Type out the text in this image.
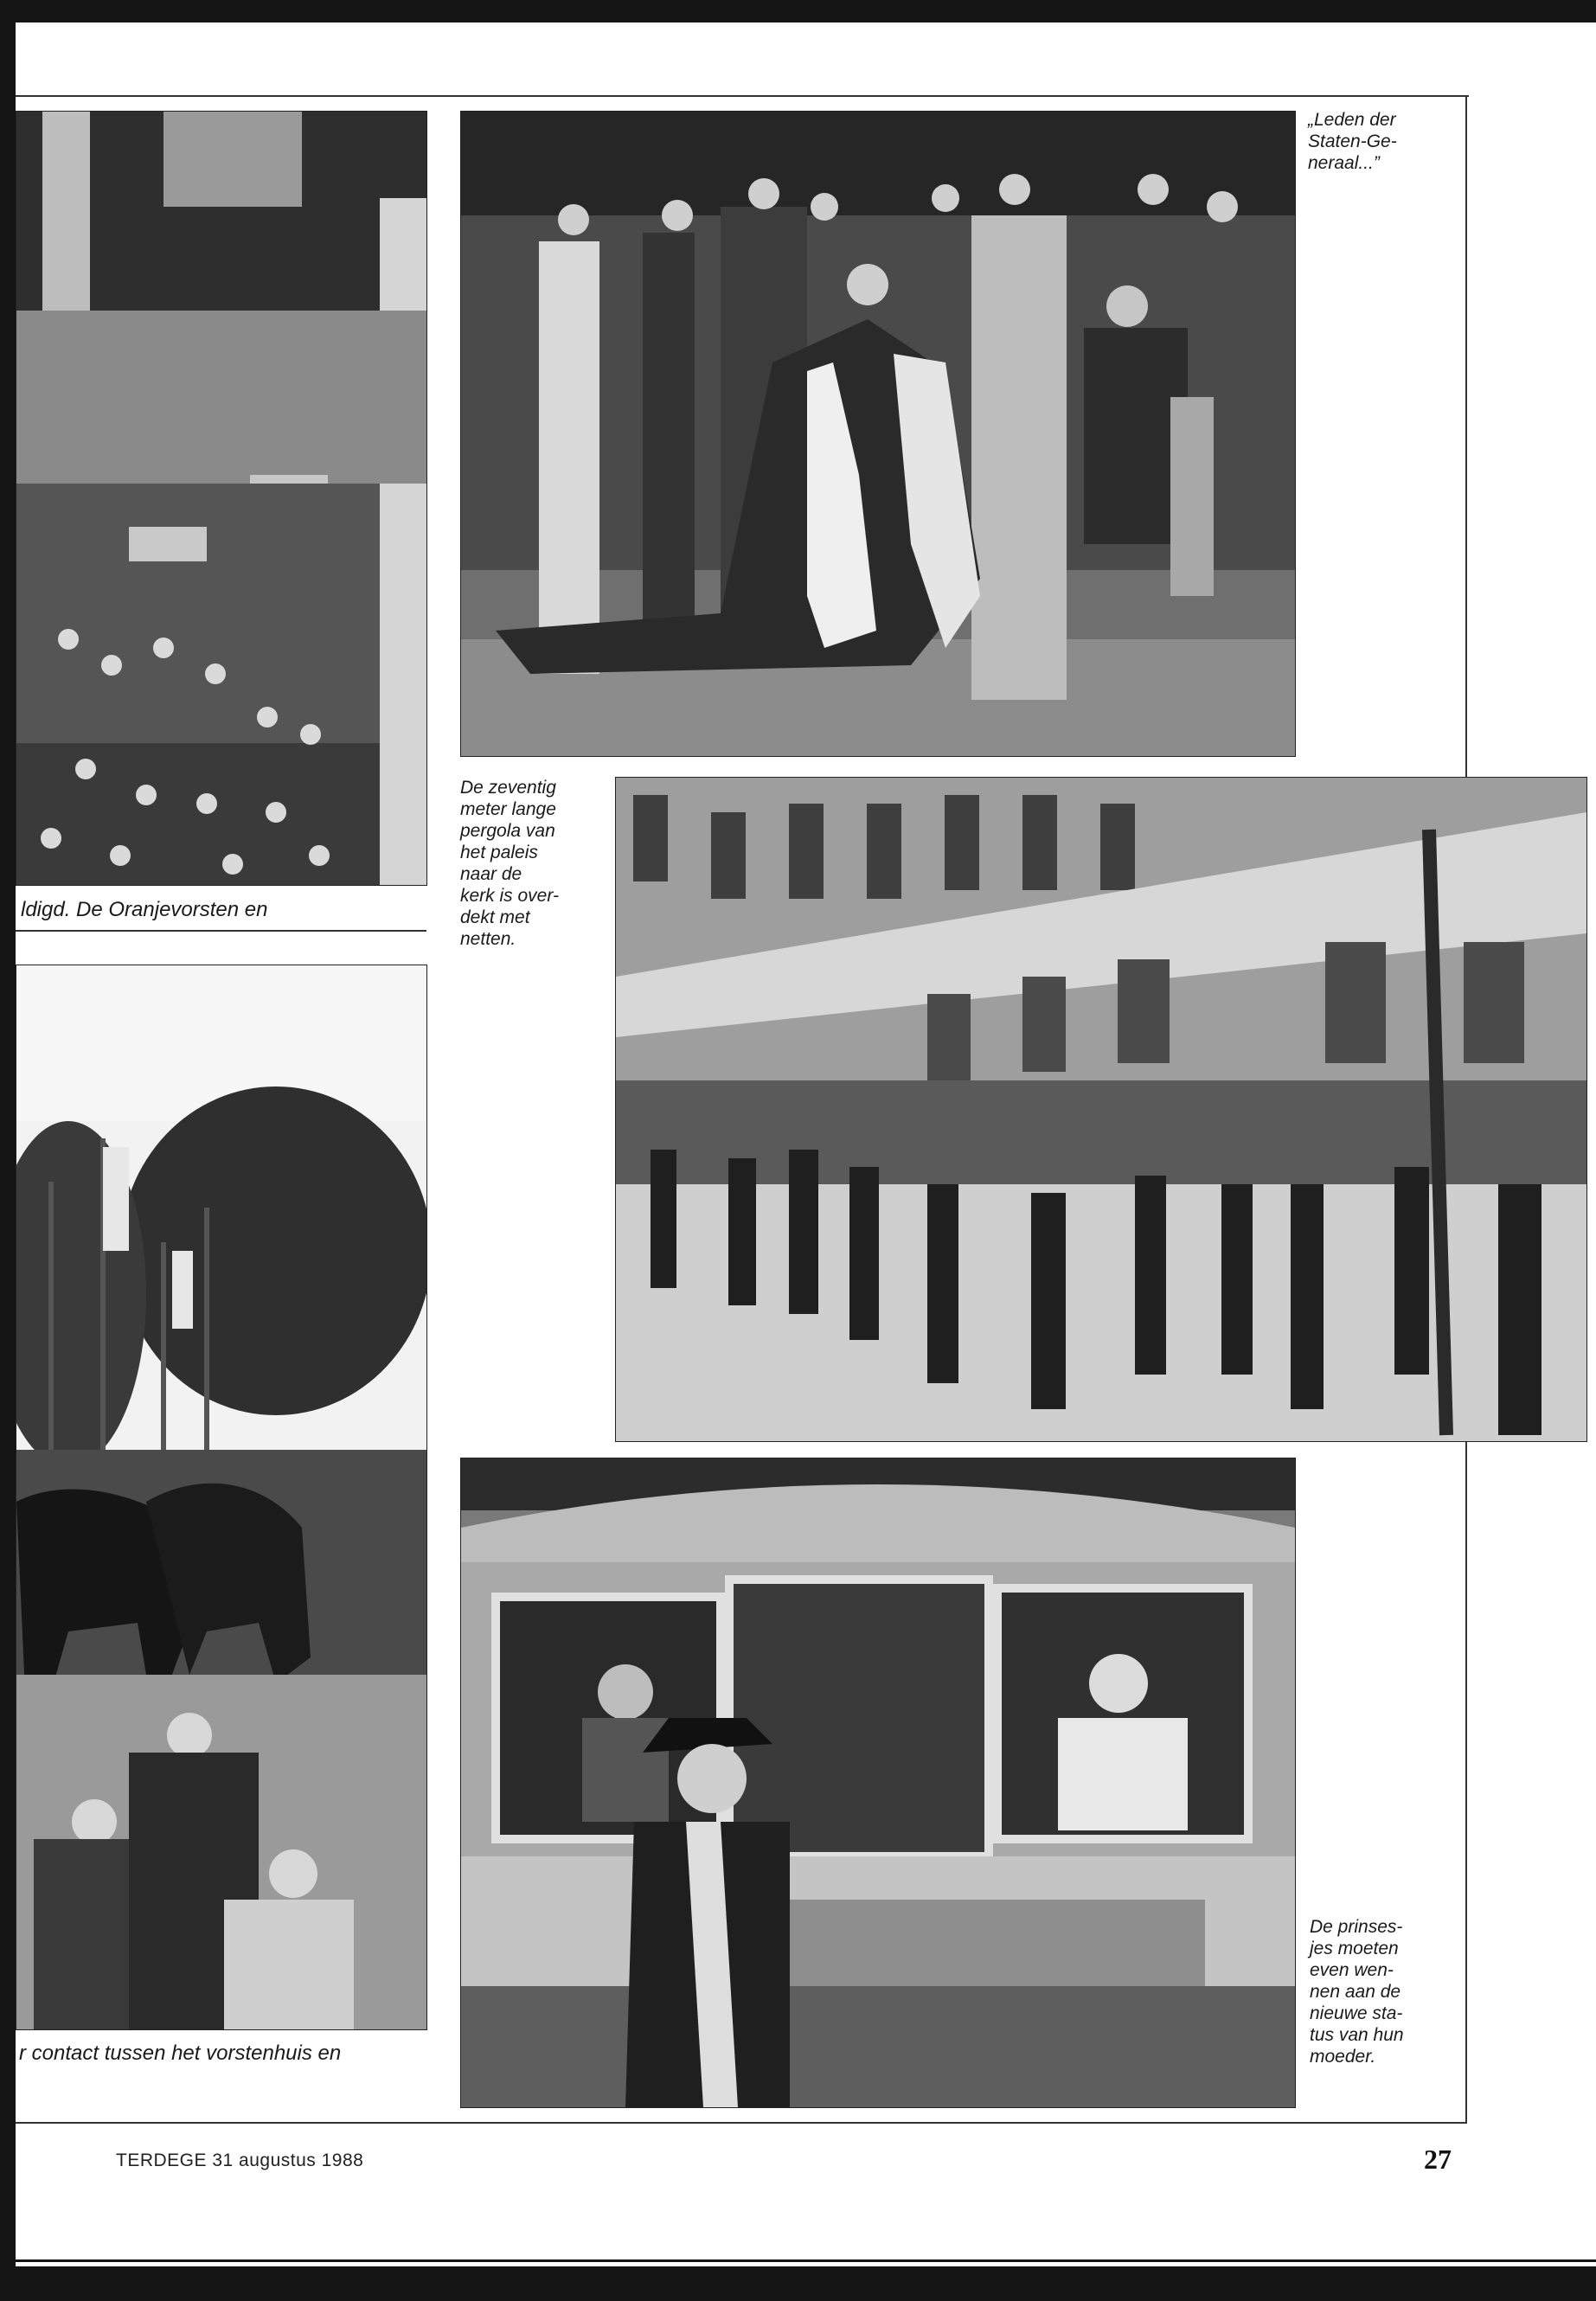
„Leden der
Staten-Ge-
neraal...”
ldigd. De Oranjevorsten en
De zeventig
meter lange
pergola van
het paleis
naar de
kerk is over-
dekt met
netten.
r contact tussen het vorstenhuis en
De prinses-
jes moeten
even wen-
nen aan de
nieuwe sta-
tus van hun
moeder.
TERDEGE 31 augustus 1988	27
